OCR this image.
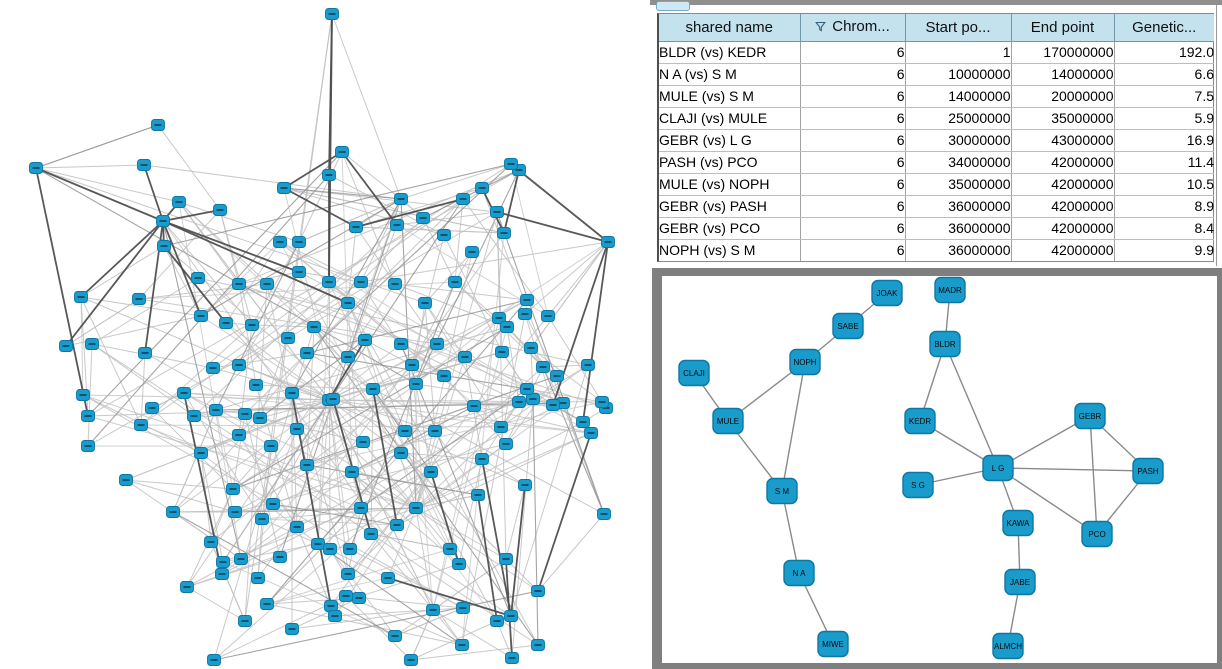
shared name	Chrom...	Start po...	End point	Genetic...
BLDR (vs) KEDR	6	1	170000000	192.0
N A (vs) S M	6	10000000	14000000	6.6
MULE (vs) S M	6	14000000	20000000	7.5
CLAJI (vs) MULE	6	25000000	35000000	5.9
GEBR (vs) L G	6	30000000	43000000	16.9
PASH (vs) PCO	6	34000000	42000000	11.4
MULE (vs) NOPH	6	35000000	42000000	10.5
GEBR (vs) PASH	6	36000000	42000000	8.9
GEBR (vs) PCO	6	36000000	42000000	8.4
NOPH (vs) S M	6	36000000	42000000	9.9
JOAK	MADR
SABE
BLDR
NOPH
CLAJI
MULE	KEDR
GEBR
L G
S G
PASH
S M
KAWA
PCO
N A
JABE
MIWE	ALMCH
